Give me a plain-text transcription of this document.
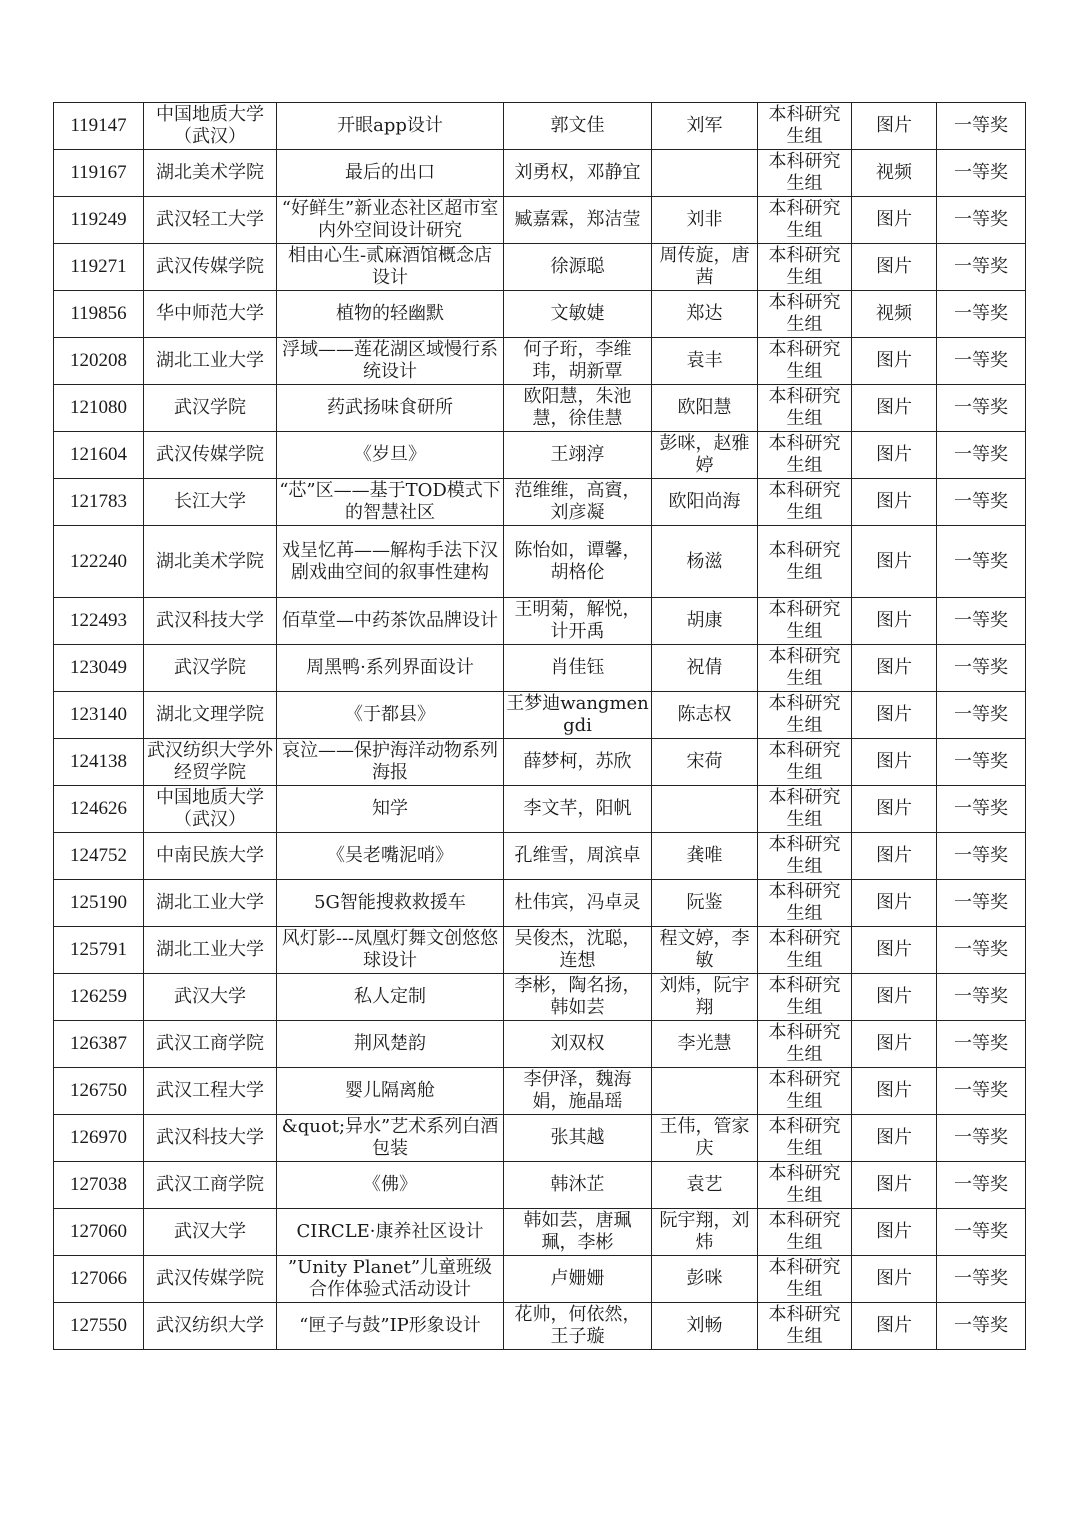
119147	中国地质大学（武汉）	开眼app设计	郭文佳	刘军	本科研究生组	图片	一等奖
119167	湖北美术学院	最后的出口	刘勇权，邓静宜		本科研究生组	视频	一等奖
119249	武汉轻工大学	“好鲜生”新业态社区超市室内外空间设计研究	臧嘉霖，郑洁莹	刘非	本科研究生组	图片	一等奖
119271	武汉传媒学院	相由心生-贰麻酒馆概念店设计	徐源聪	周传旋，唐茜	本科研究生组	图片	一等奖
119856	华中师范大学	植物的轻幽默	文敏婕	郑达	本科研究生组	视频	一等奖
120208	湖北工业大学	浮域——莲花湖区域慢行系统设计	何子珩，李维玮，胡新覃	袁丰	本科研究生组	图片	一等奖
121080	武汉学院	药武扬味食研所	欧阳慧，朱池慧，徐佳慧	欧阳慧	本科研究生组	图片	一等奖
121604	武汉传媒学院	《岁旦》	王翊淳	彭咪，赵雅婷	本科研究生组	图片	一等奖
121783	长江大学	“芯”区——基于TOD模式下的智慧社区	范维维，高賨，刘彦凝	欧阳尚海	本科研究生组	图片	一等奖
122240	湖北美术学院	戏呈忆苒——解构手法下汉剧戏曲空间的叙事性建构	陈怡如，谭馨，胡格伦	杨滋	本科研究生组	图片	一等奖
122493	武汉科技大学	佰草堂—中药茶饮品牌设计	王明菊，解悦，计开禹	胡康	本科研究生组	图片	一等奖
123049	武汉学院	周黑鸭·系列界面设计	肖佳钰	祝倩	本科研究生组	图片	一等奖
123140	湖北文理学院	《于都县》	王梦迪wangmengdi	陈志权	本科研究生组	图片	一等奖
124138	武汉纺织大学外经贸学院	哀泣——保护海洋动物系列海报	薛梦柯，苏欣	宋荷	本科研究生组	图片	一等奖
124626	中国地质大学（武汉）	知学	李文芊，阳帆		本科研究生组	图片	一等奖
124752	中南民族大学	《吴老嘴泥哨》	孔维雪，周滨卓	龚唯	本科研究生组	图片	一等奖
125190	湖北工业大学	5G智能搜救救援车	杜伟宾，冯卓灵	阮鉴	本科研究生组	图片	一等奖
125791	湖北工业大学	风灯影---凤凰灯舞文创悠悠球设计	吴俊杰，沈聪，连想	程文婷，李敏	本科研究生组	图片	一等奖
126259	武汉大学	私人定制	李彬，陶名扬，韩如芸	刘炜，阮宇翔	本科研究生组	图片	一等奖
126387	武汉工商学院	荆风楚韵	刘双权	李光慧	本科研究生组	图片	一等奖
126750	武汉工程大学	婴儿隔离舱	李伊泽，魏海娟，施晶瑶		本科研究生组	图片	一等奖
126970	武汉科技大学	&quot;异水”艺术系列白酒包装	张其越	王伟，管家庆	本科研究生组	图片	一等奖
127038	武汉工商学院	《佛》	韩沐芷	袁艺	本科研究生组	图片	一等奖
127060	武汉大学	CIRCLE·康养社区设计	韩如芸，唐珮珮，李彬	阮宇翔，刘炜	本科研究生组	图片	一等奖
127066	武汉传媒学院	”Unity Planet”儿童班级合作体验式活动设计	卢姗姗	彭咪	本科研究生组	图片	一等奖
127550	武汉纺织大学	“匣子与鼓”IP形象设计	花帅，何依然，王子璇	刘畅	本科研究生组	图片	一等奖
